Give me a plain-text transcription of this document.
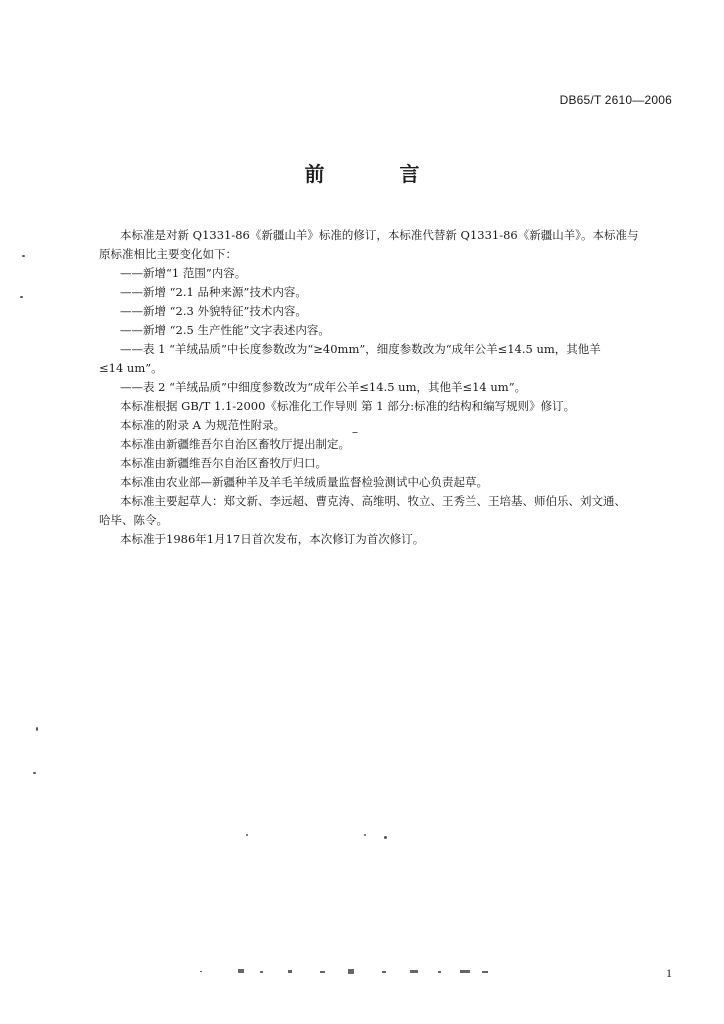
DB65/T 2610—2006
前 言

本标准是对新 Q1331-86《新疆山羊》标准的修订，本标准代替新 Q1331-86《新疆山羊》。本标准与

原标准相比主要变化如下：

——新增“1 范围”内容。

——新增 “2.1 品种来源”技术内容。

——新增 “2.3 外貌特征”技术内容。

——新增 “2.5 生产性能”文字表述内容。

——表 1 “羊绒品质”中长度参数改为“≥40mm”，细度参数改为“成年公羊≤14.5 um，其他羊

≤14 um”。

——表 2 “羊绒品质”中细度参数改为“成年公羊≤14.5 um，其他羊≤14 um”。

本标准根据 GB/T 1.1-2000《标准化工作导则 第 1 部分:标准的结构和编写规则》修订。

本标准的附录 A 为规范性附录。

本标准由新疆维吾尔自治区畜牧厅提出制定。

本标准由新疆维吾尔自治区畜牧厅归口。

本标准由农业部—新疆种羊及羊毛羊绒质量监督检验测试中心负责起草。

本标准主要起草人：郑文新、李远超、曹克涛、高维明、牧立、王秀兰、王培基、师伯乐、刘文通、

哈毕、陈令。

本标准于1986年1月17日首次发布，本次修订为首次修订。

1
